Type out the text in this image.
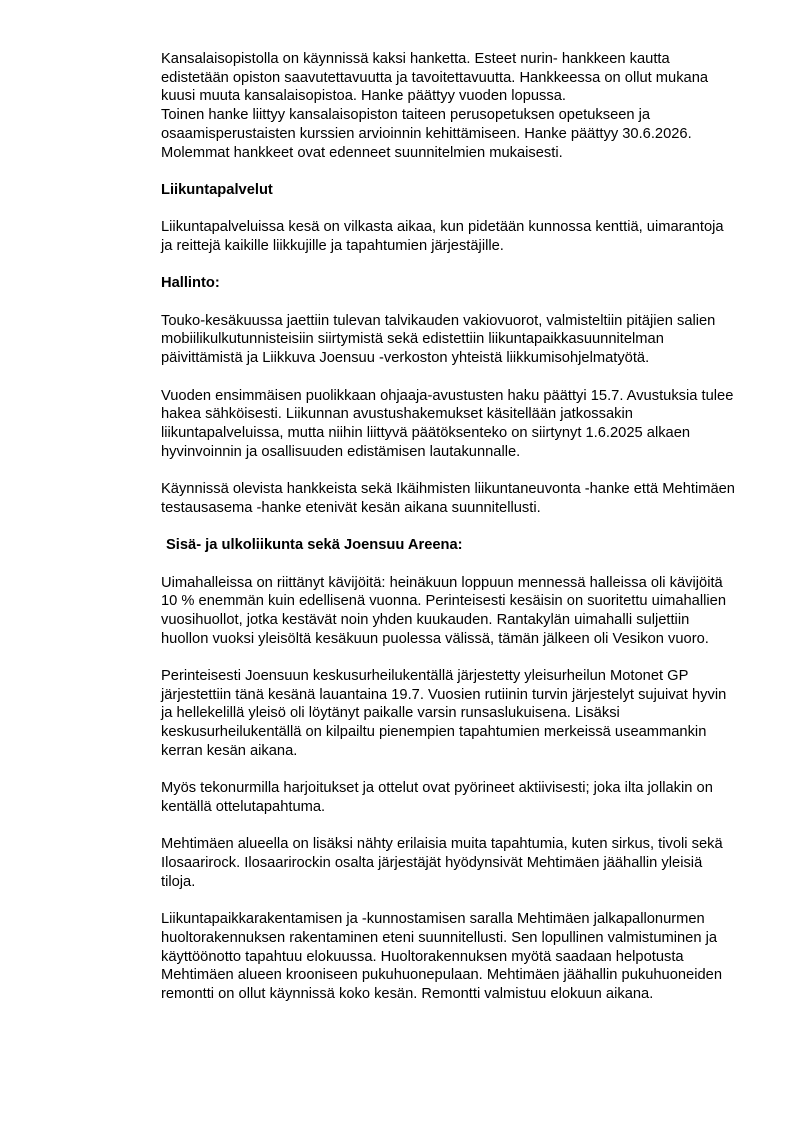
Kansalaisopistolla on käynnissä kaksi hanketta. Esteet nurin- hankkeen kautta
edistetään opiston saavutettavuutta ja tavoitettavuutta. Hankkeessa on ollut mukana
kuusi muuta kansalaisopistoa. Hanke päättyy vuoden lopussa.
Toinen hanke liittyy kansalaisopiston taiteen perusopetuksen opetukseen ja
osaamisperustaisten kurssien arvioinnin kehittämiseen. Hanke päättyy 30.6.2026.
Molemmat hankkeet ovat edenneet suunnitelmien mukaisesti.
Liikuntapalvelut
Liikuntapalveluissa kesä on vilkasta aikaa, kun pidetään kunnossa kenttiä, uimarantoja
ja reittejä kaikille liikkujille ja tapahtumien järjestäjille.
Hallinto:
Touko-kesäkuussa jaettiin tulevan talvikauden vakiovuorot, valmisteltiin pitäjien salien
mobiilikulkutunnisteisiin siirtymistä sekä edistettiin liikuntapaikkasuunnitelman
päivittämistä ja Liikkuva Joensuu -verkoston yhteistä liikkumisohjelmatyötä.
Vuoden ensimmäisen puolikkaan ohjaaja-avustusten haku päättyi 15.7. Avustuksia tulee
hakea sähköisesti. Liikunnan avustushakemukset käsitellään jatkossakin
liikuntapalveluissa, mutta niihin liittyvä päätöksenteko on siirtynyt 1.6.2025 alkaen
hyvinvoinnin ja osallisuuden edistämisen lautakunnalle.
Käynnissä olevista hankkeista sekä Ikäihmisten liikuntaneuvonta -hanke että Mehtimäen
testausasema -hanke etenivät kesän aikana suunnitellusti.
Sisä- ja ulkoliikunta sekä Joensuu Areena:
Uimahalleissa on riittänyt kävijöitä: heinäkuun loppuun mennessä halleissa oli kävijöitä
10 % enemmän kuin edellisenä vuonna. Perinteisesti kesäisin on suoritettu uimahallien
vuosihuollot, jotka kestävät noin yhden kuukauden. Rantakylän uimahalli suljettiin
huollon vuoksi yleisöltä kesäkuun puolessa välissä, tämän jälkeen oli Vesikon vuoro.
Perinteisesti Joensuun keskusurheilukentällä järjestetty yleisurheilun Motonet GP
järjestettiin tänä kesänä lauantaina 19.7. Vuosien rutiinin turvin järjestelyt sujuivat hyvin
ja hellekelillä yleisö oli löytänyt paikalle varsin runsaslukuisena. Lisäksi
keskusurheilukentällä on kilpailtu pienempien tapahtumien merkeissä useammankin
kerran kesän aikana.
Myös tekonurmilla harjoitukset ja ottelut ovat pyörineet aktiivisesti; joka ilta jollakin on
kentällä ottelutapahtuma.
Mehtimäen alueella on lisäksi nähty erilaisia muita tapahtumia, kuten sirkus, tivoli sekä
Ilosaarirock. Ilosaarirockin osalta järjestäjät hyödynsivät Mehtimäen jäähallin yleisiä
tiloja.
Liikuntapaikkarakentamisen ja -kunnostamisen saralla Mehtimäen jalkapallonurmen
huoltorakennuksen rakentaminen eteni suunnitellusti. Sen lopullinen valmistuminen ja
käyttöönotto tapahtuu elokuussa. Huoltorakennuksen myötä saadaan helpotusta
Mehtimäen alueen krooniseen pukuhuonepulaan. Mehtimäen jäähallin pukuhuoneiden
remontti on ollut käynnissä koko kesän. Remontti valmistuu elokuun aikana.
